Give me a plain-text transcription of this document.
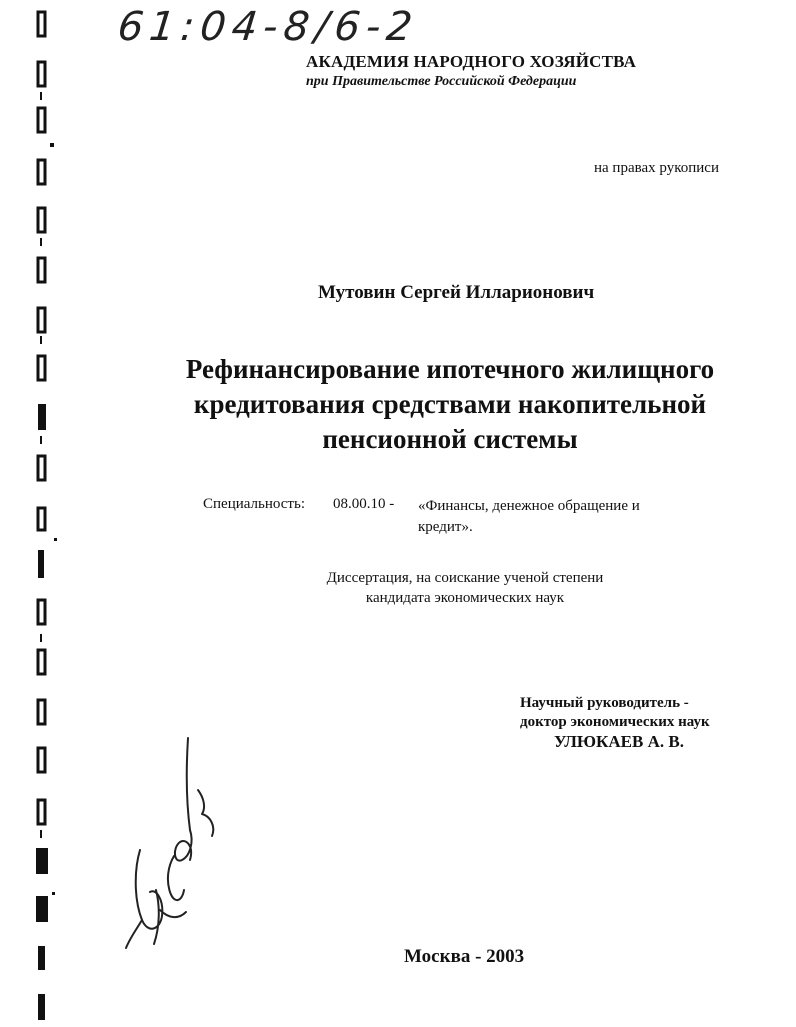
61:04-8/6-2
АКАДЕМИЯ НАРОДНОГО ХОЗЯЙСТВА
при Правительстве Российской Федерации
на правах рукописи
Мутовин Сергей Илларионович
Рефинансирование ипотечного жилищного
кредитования средствами накопительной
пенсионной системы
Специальность: 08.00.10 - «Финансы, денежное обращение и кредит».
Диссертация, на соискание ученой степени
кандидата экономических наук
Научный руководитель -
доктор экономических наук
УЛЮКАЕВ А. В.
Москва - 2003
